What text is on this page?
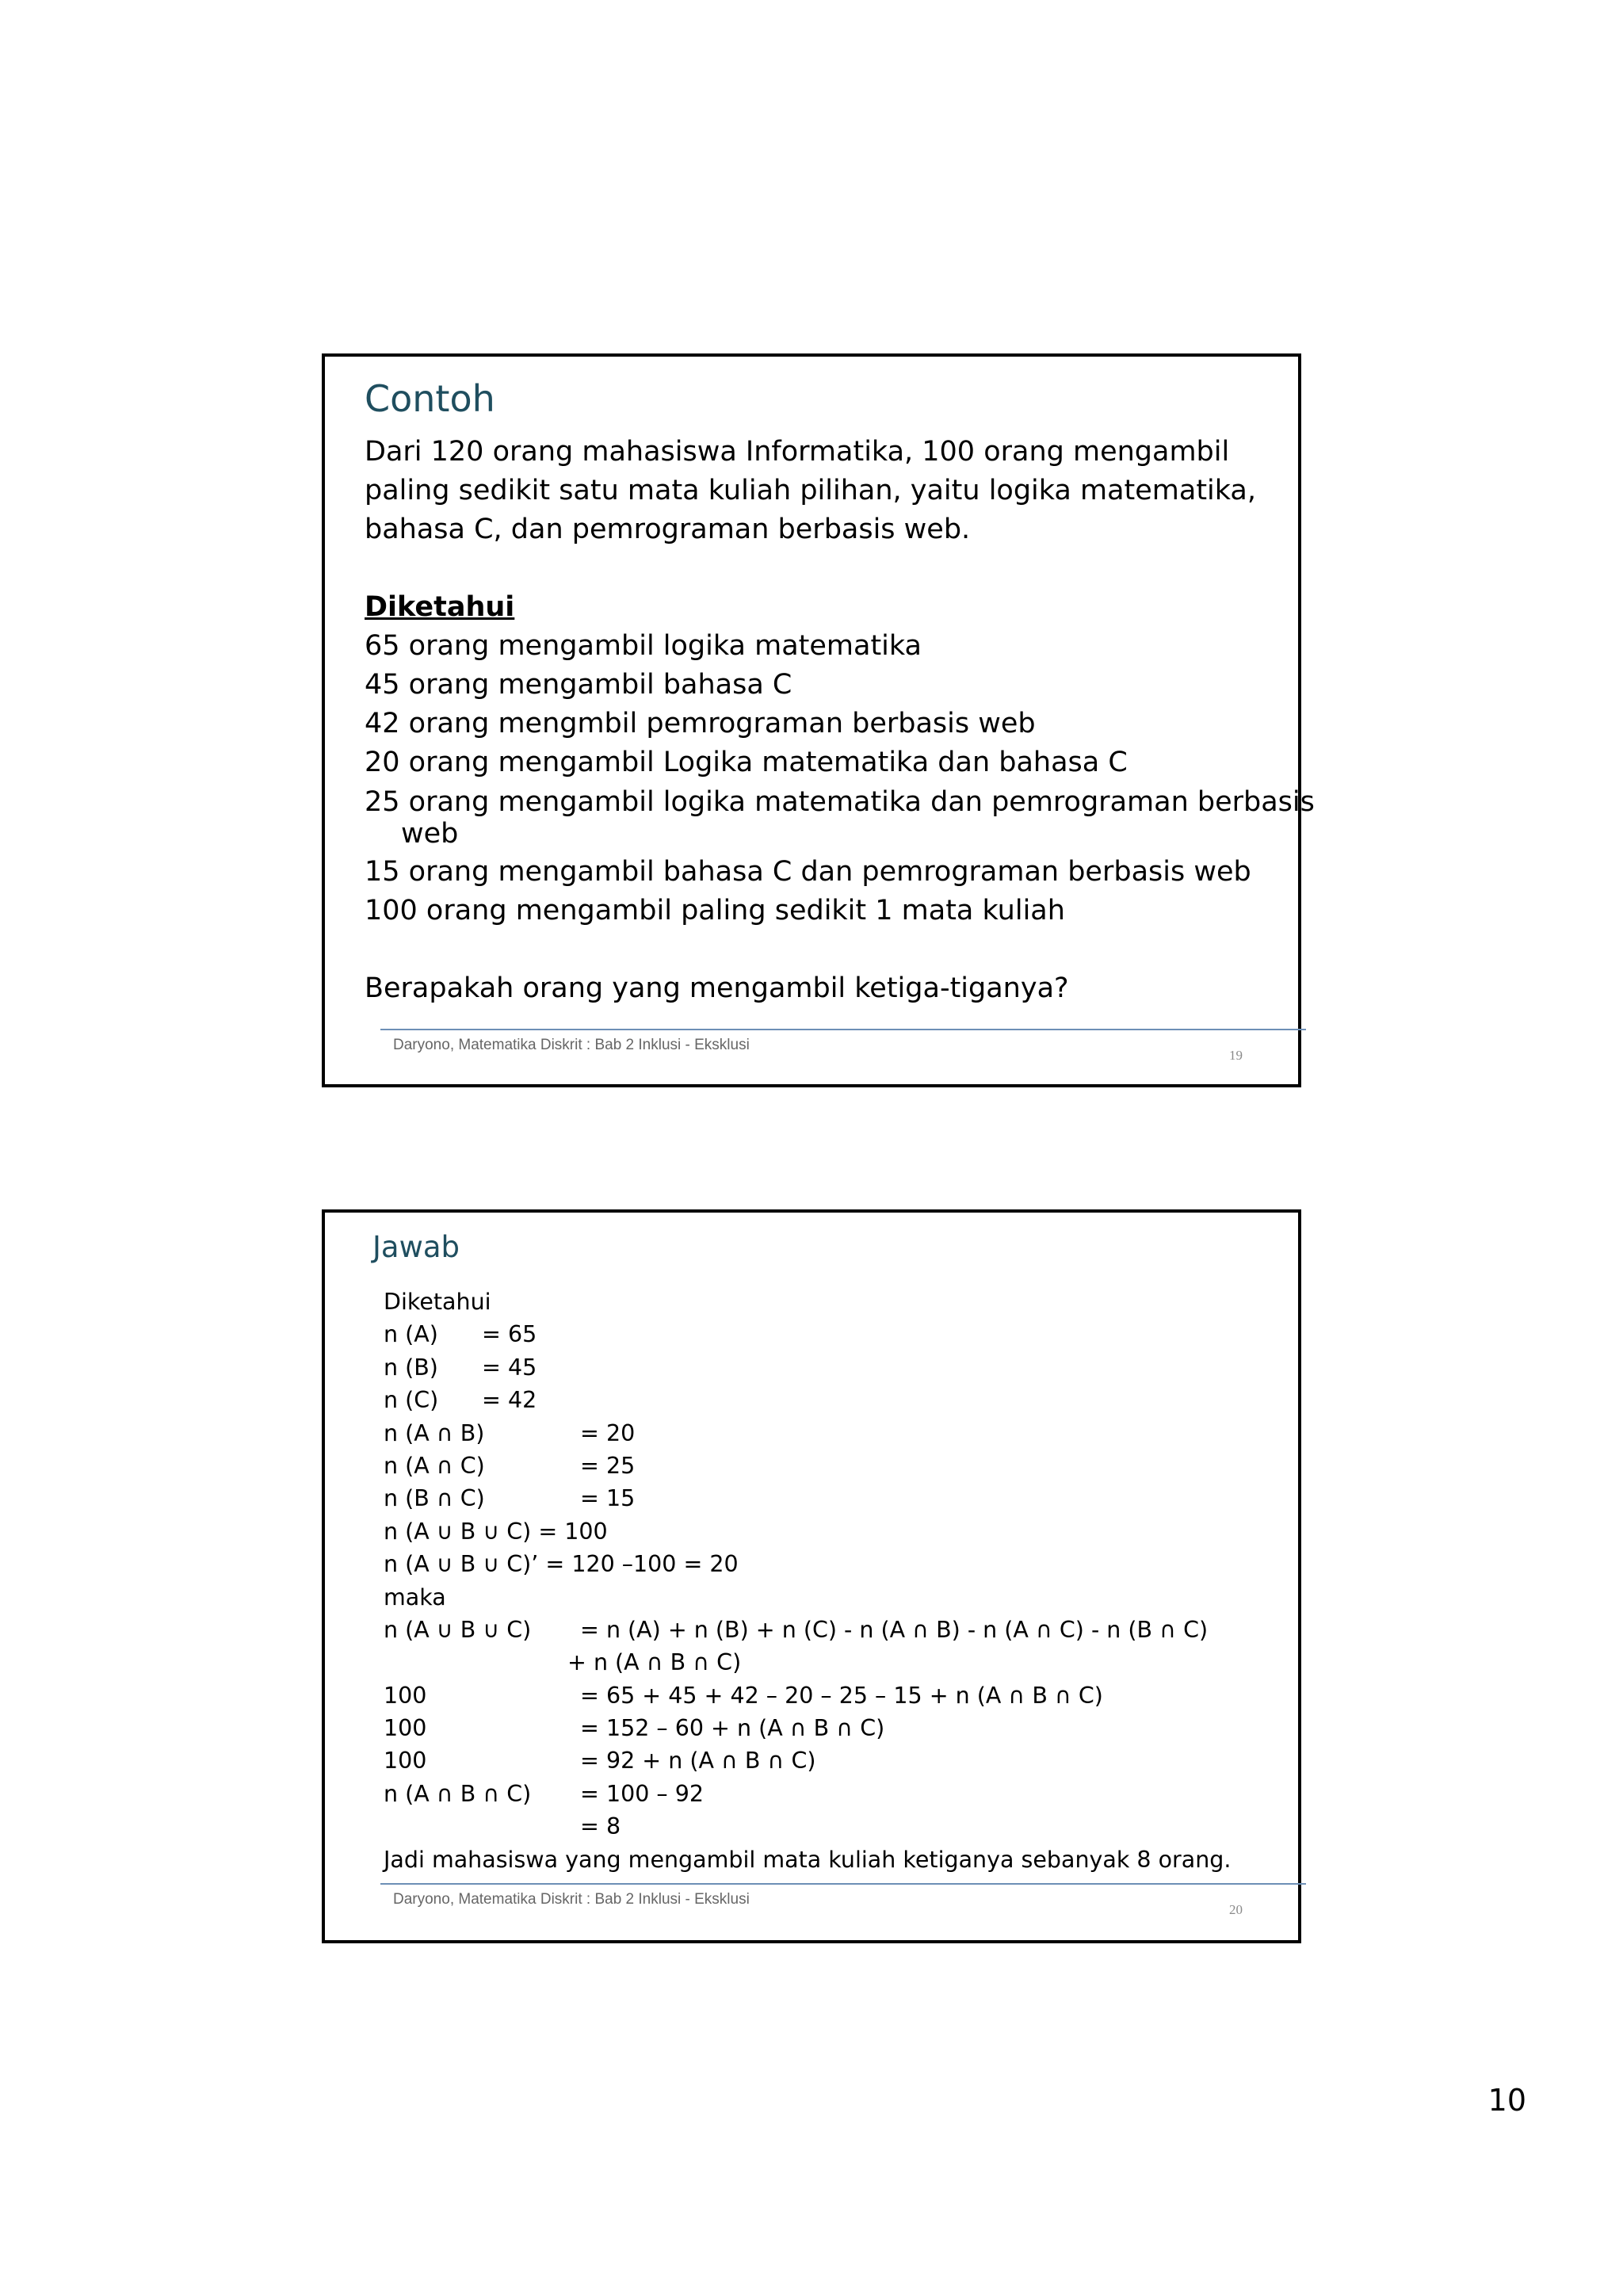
Contoh
Dari 120 orang mahasiswa Informatika, 100 orang mengambil
paling sedikit satu mata kuliah pilihan, yaitu logika matematika,
bahasa C, dan pemrograman berbasis web.
Diketahui
65 orang mengambil logika matematika
45 orang mengambil bahasa C
42 orang mengmbil pemrograman berbasis web
20 orang mengambil Logika matematika dan bahasa C
25 orang mengambil logika matematika dan pemrograman berbasis
web
15 orang mengambil bahasa C dan pemrograman berbasis web
100 orang mengambil paling sedikit 1 mata kuliah
Berapakah orang yang mengambil ketiga-tiganya?
Daryono, Matematika Diskrit : Bab 2 Inklusi - Eksklusi
19
Jawab
Diketahui
n (A) = 65
n (B) = 45
n (C) = 42
n (A ∩ B)	= 20
n (A ∩ C)	= 25
n (B ∩ C)	= 15
n (A ∪ B ∪ C) = 100
n (A ∪ B ∪ C)’ = 120 –100 = 20
maka
n (A ∪ B ∪ C) = n (A) + n (B) + n (C) - n (A ∩ B) - n (A ∩ C) - n (B ∩ C)
+ n (A ∩ B ∩ C)
100	= 65 + 45 + 42 – 20 – 25 – 15 + n (A ∩ B ∩ C)
100	= 152 – 60 + n (A ∩ B ∩ C)
100	= 92 + n (A ∩ B ∩ C)
n (A ∩ B ∩ C) = 100 – 92
= 8
Jadi mahasiswa yang mengambil mata kuliah ketiganya sebanyak 8 orang.
Daryono, Matematika Diskrit : Bab 2 Inklusi - Eksklusi
20
10
